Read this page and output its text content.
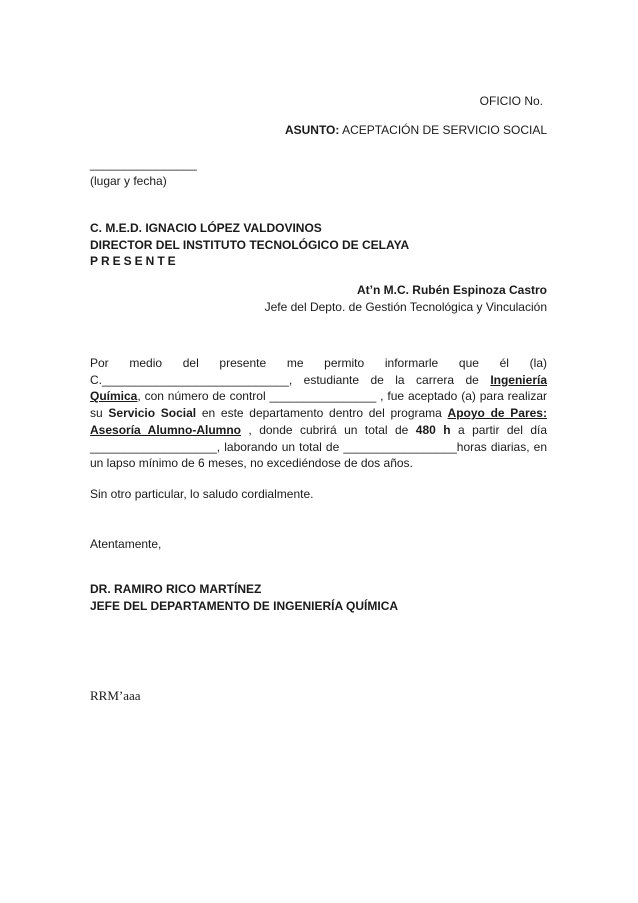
OFICIO No.
ASUNTO: ACEPTACIÓN DE SERVICIO SOCIAL
________________
(lugar y fecha)
C. M.E.D. IGNACIO LÓPEZ VALDOVINOS
DIRECTOR DEL INSTITUTO TECNOLÓGICO DE CELAYA
PRESENTE
At’n M.C. Rubén Espinoza Castro
Jefe del Depto. de Gestión Tecnológica y Vinculación
Por medio del presente me permito informarle que él (la) C.____________________________, estudiante de la carrera de Ingeniería Química, con número de control ________________ , fue aceptado (a) para realizar su Servicio Social en este departamento dentro del programa Apoyo de Pares: Asesoría Alumno-Alumno , donde cubrirá un total de 480 h a partir del día ___________________, laborando un total de _________________horas diarias, en un lapso mínimo de 6 meses, no excediéndose de dos años.
Sin otro particular, lo saludo cordialmente.
Atentamente,
DR. RAMIRO RICO MARTÍNEZ
JEFE DEL DEPARTAMENTO DE INGENIERÍA QUÍMICA
RRM’aaa
